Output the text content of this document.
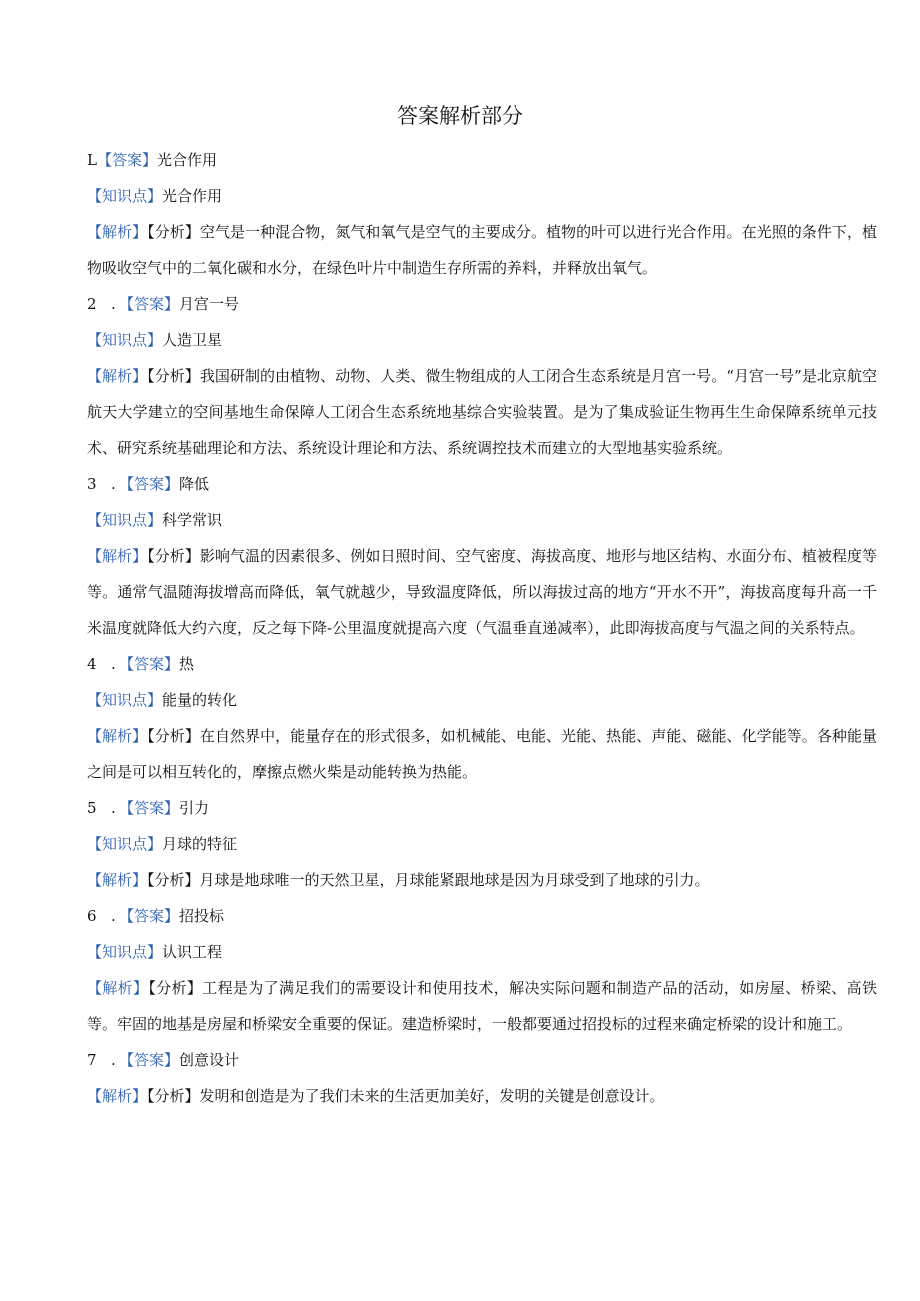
答案解析部分

L【答案】光合作用

【知识点】光合作用

【解析】【分析】空气是一种混合物，氮气和氧气是空气的主要成分。植物的叶可以进行光合作用。在光照的条件下，植物吸收空气中的二氧化碳和水分，在绿色叶片中制造生存所需的养料，并释放出氧气。

2 . 【答案】月宫一号

【知识点】人造卫星

【解析】【分析】我国研制的由植物、动物、人类、微生物组成的人工闭合生态系统是月宫一号。“月宫一号”是北京航空航天大学建立的空间基地生命保障人工闭合生态系统地基综合实验装置。是为了集成验证生物再生生命保障系统单元技术、研究系统基础理论和方法、系统设计理论和方法、系统调控技术而建立的大型地基实验系统。

3 . 【答案】降低

【知识点】科学常识

【解析】【分析】影响气温的因素很多、例如日照时间、空气密度、海拔高度、地形与地区结构、水面分布、植被程度等等。通常气温随海拔增高而降低，氧气就越少，导致温度降低，所以海拔过高的地方“开水不开”，海拔高度每升高一千米温度就降低大约六度，反之每下降-公里温度就提高六度（气温垂直递减率），此即海拔高度与气温之间的关系特点。

4 . 【答案】热

【知识点】能量的转化

【解析】【分析】在自然界中，能量存在的形式很多，如机械能、电能、光能、热能、声能、磁能、化学能等。各种能量之间是可以相互转化的，摩擦点燃火柴是动能转换为热能。

5 . 【答案】引力

【知识点】月球的特征

【解析】【分析】月球是地球唯一的天然卫星，月球能紧跟地球是因为月球受到了地球的引力。

6 . 【答案】招投标

【知识点】认识工程

【解析】【分析】工程是为了满足我们的需要设计和使用技术，解决实际问题和制造产品的活动，如房屋、桥梁、高铁等。牢固的地基是房屋和桥梁安全重要的保证。建造桥梁时，一般都要通过招投标的过程来确定桥梁的设计和施工。

7 . 【答案】创意设计

【解析】【分析】发明和创造是为了我们未来的生活更加美好，发明的关键是创意设计。
